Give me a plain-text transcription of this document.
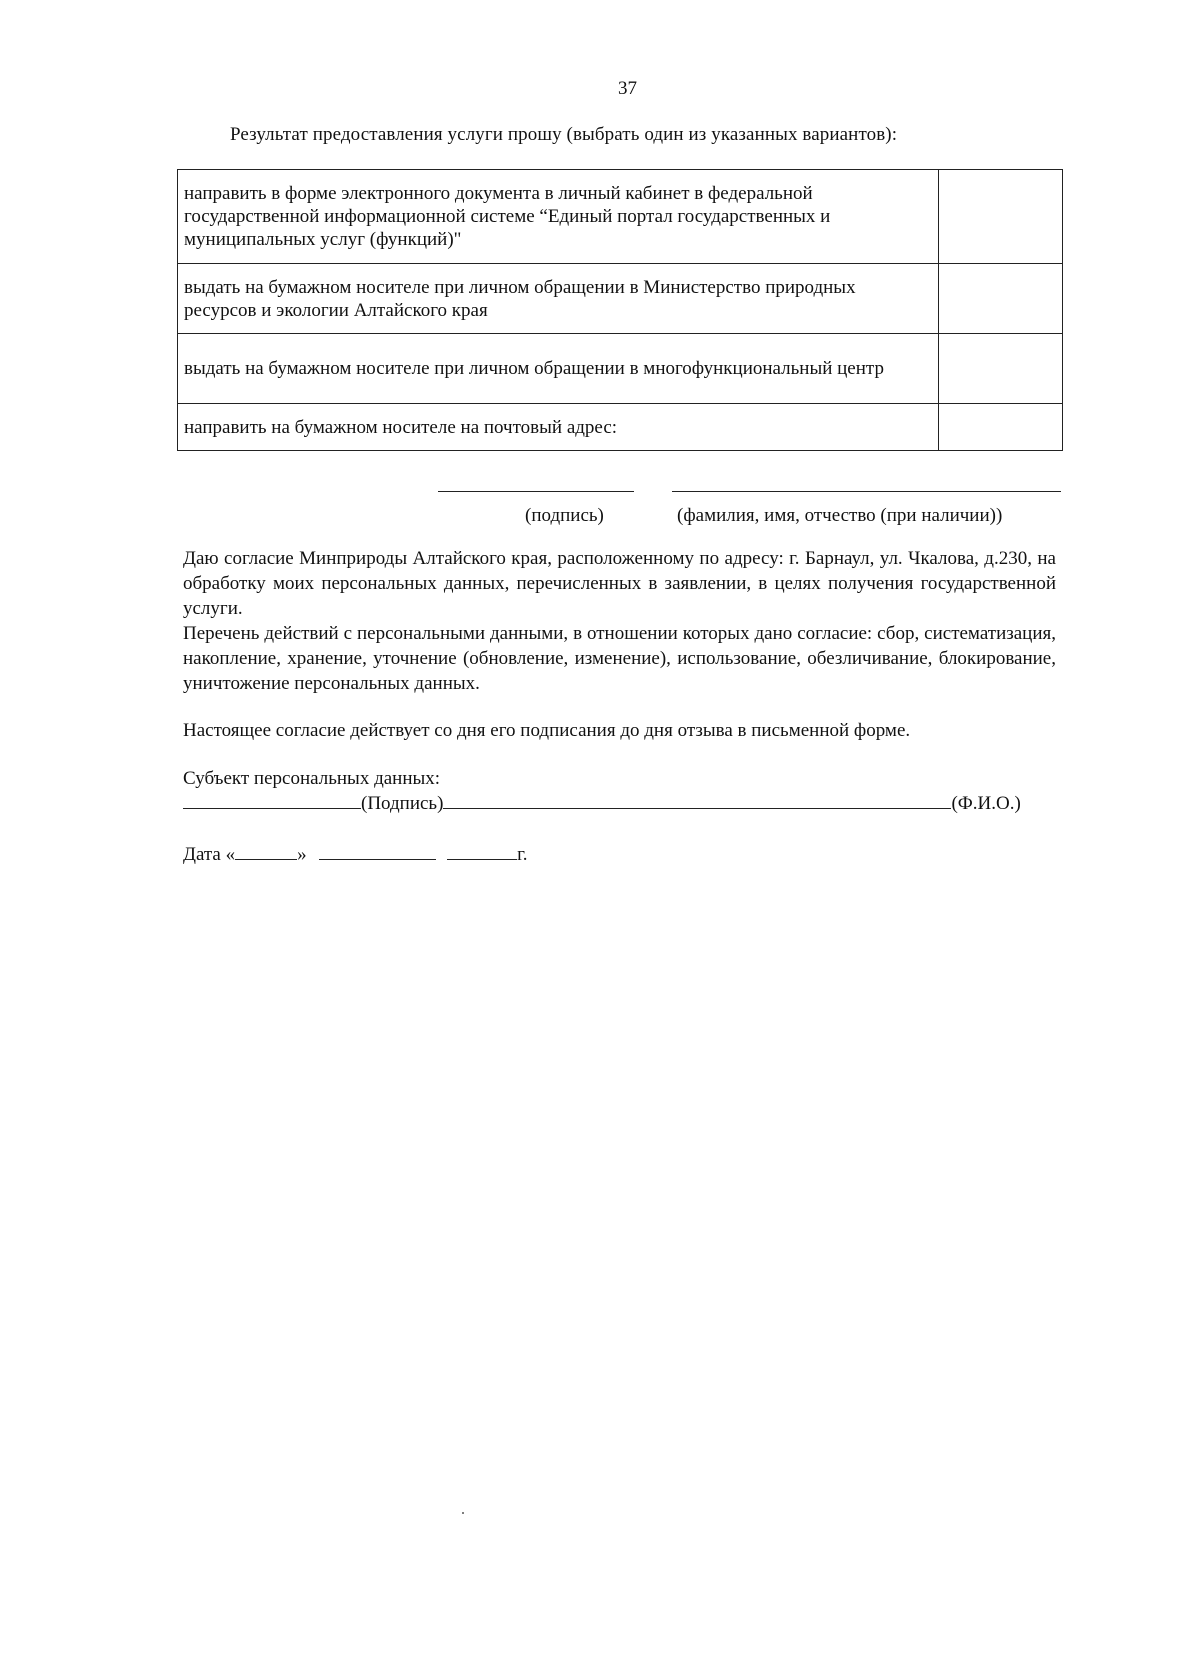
37
Результат предоставления услуги прошу (выбрать один из указанных вариантов):
направить в форме электронного документа в личный кабинет в федеральной государственной информационной системе “Единый портал государственных и муниципальных услуг (функций)"	
выдать на бумажном носителе при личном обращении в Министерство природных ресурсов и экологии Алтайского края	
выдать на бумажном носителе при личном обращении в многофункциональный центр	
направить на бумажном носителе на почтовый адрес:	
(подпись)	(фамилия, имя, отчество (при наличии))
Даю согласие Минприроды Алтайского края, расположенному по адресу: г. Барнаул, ул. Чкалова, д.230, на обработку моих персональных данных, перечисленных в заявлении, в целях получения государственной услуги.
Перечень действий с персональными данными, в отношении которых дано согласие: сбор, систематизация, накопление, хранение, уточнение (обновление, изменение), использование, обезличивание, блокирование, уничтожение персональных данных.
Настоящее согласие действует со дня его подписания до дня отзыва в письменной форме.
Субъект персональных данных:
(Подпись)	(Ф.И.О.)
Дата «	»	г.
